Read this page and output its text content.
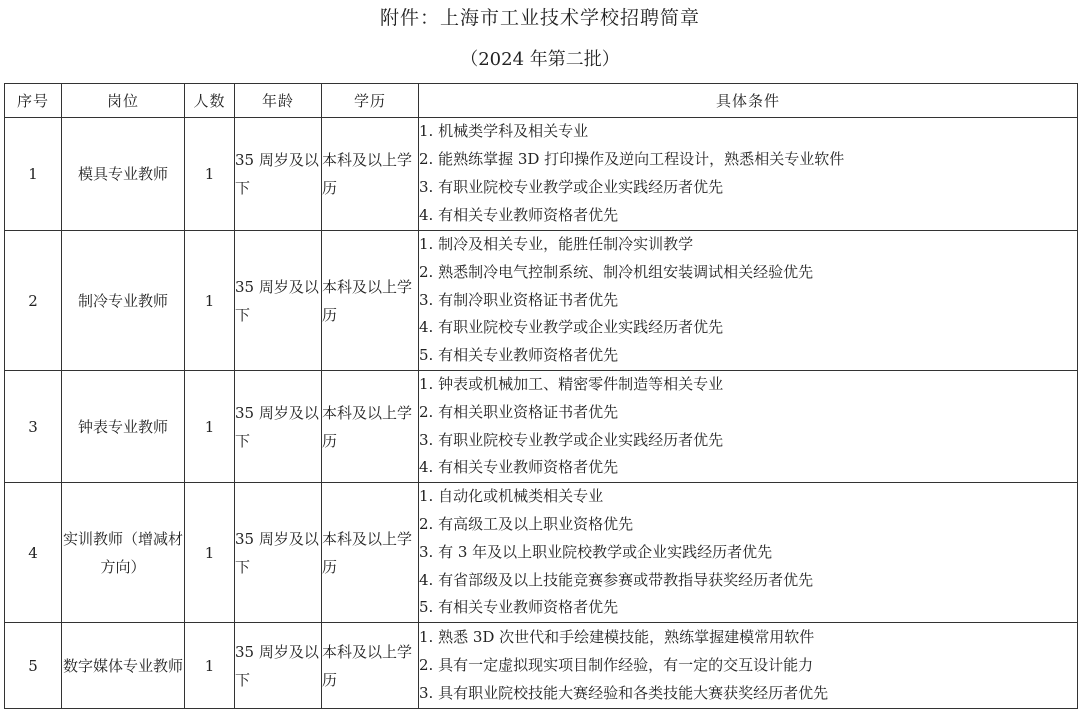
附件：上海市工业技术学校招聘简章
（2024 年第二批）
序号	岗位	人数	年龄	学历	具体条件
1	模具专业教师	1	35 周岁及以下	本科及以上学历	1. 机械类学科及相关专业
2. 能熟练掌握 3D 打印操作及逆向工程设计，熟悉相关专业软件
3. 有职业院校专业教学或企业实践经历者优先
4. 有相关专业教师资格者优先

2	制冷专业教师	1	35 周岁及以下	本科及以上学历	1. 制冷及相关专业，能胜任制冷实训教学
2. 熟悉制冷电气控制系统、制冷机组安装调试相关经验优先
3. 有制冷职业资格证书者优先
4. 有职业院校专业教学或企业实践经历者优先
5. 有相关专业教师资格者优先

3	钟表专业教师	1	35 周岁及以下	本科及以上学历	1. 钟表或机械加工、精密零件制造等相关专业
2. 有相关职业资格证书者优先
3. 有职业院校专业教学或企业实践经历者优先
4. 有相关专业教师资格者优先

4	实训教师（增减材方向）	1	35 周岁及以下	本科及以上学历	1. 自动化或机械类相关专业
2. 有高级工及以上职业资格优先
3. 有 3 年及以上职业院校教学或企业实践经历者优先
4. 有省部级及以上技能竞赛参赛或带教指导获奖经历者优先
5. 有相关专业教师资格者优先

5	数字媒体专业教师	1	35 周岁及以下	本科及以上学历	1. 熟悉 3D 次世代和手绘建模技能，熟练掌握建模常用软件
2. 具有一定虚拟现实项目制作经验，有一定的交互设计能力
3. 具有职业院校技能大赛经验和各类技能大赛获奖经历者优先
